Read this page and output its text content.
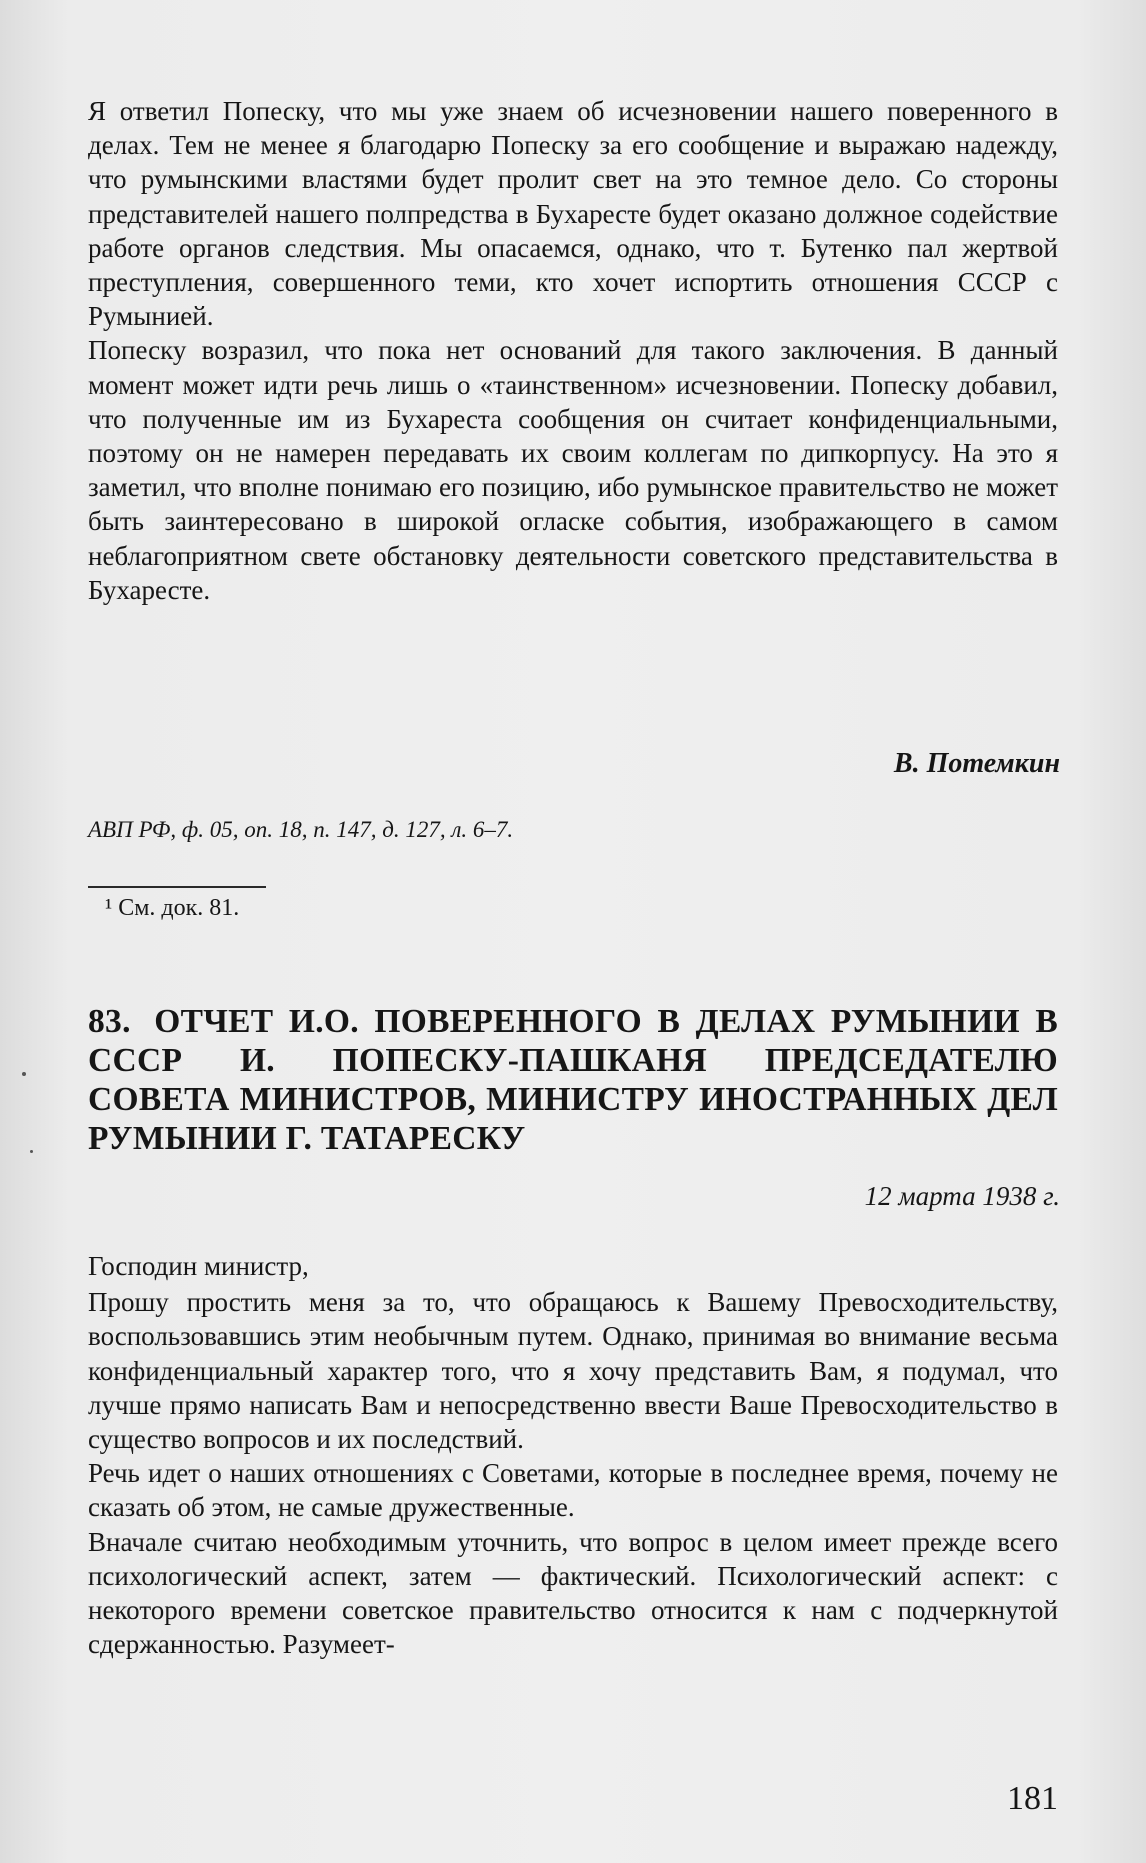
Я ответил Попеску, что мы уже знаем об исчезновении нашего поверенного в делах. Тем не менее я благодарю Попеску за его сообщение и выражаю надежду, что румынскими властями будет пролит свет на это темное дело. Со стороны представителей нашего полпредства в Бухаресте будет оказано должное содействие работе органов следствия. Мы опасаемся, однако, что т. Бутенко пал жертвой преступления, совершенного теми, кто хочет испортить отношения СССР с Румынией.

Попеску возразил, что пока нет оснований для такого заключения. В данный момент может идти речь лишь о «таинственном» исчезновении. Попеску добавил, что полученные им из Бухареста сообщения он считает конфиденциальными, поэтому он не намерен передавать их своим коллегам по дипкорпусу. На это я заметил, что вполне понимаю его позицию, ибо румынское правительство не может быть заинтересовано в широкой огласке события, изображающего в самом неблагоприятном свете обстановку деятельности советского представительства в Бухаресте.

В. Потемкин
АВП РФ, ф. 05, оп. 18, п. 147, д. 127, л. 6–7.
¹ См. док. 81.
83. ОТЧЕТ И.О. ПОВЕРЕННОГО В ДЕЛАХ РУМЫНИИ В СССР И. ПОПЕСКУ-ПАШКАНЯ ПРЕДСЕДАТЕЛЮ СОВЕТА МИНИСТРОВ, МИНИСТРУ ИНОСТРАННЫХ ДЕЛ РУМЫНИИ Г. ТАТАРЕСКУ
12 марта 1938 г.

Господин министр,

Прошу простить меня за то, что обращаюсь к Вашему Превосходительству, воспользовавшись этим необычным путем. Однако, принимая во внимание весьма конфиденциальный характер того, что я хочу представить Вам, я подумал, что лучше прямо написать Вам и непосредственно ввести Ваше Превосходительство в существо вопросов и их последствий.

Речь идет о наших отношениях с Советами, которые в последнее время, почему не сказать об этом, не самые дружественные.

Вначале считаю необходимым уточнить, что вопрос в целом имеет прежде всего психологический аспект, затем — фактический. Психологический аспект: с некоторого времени советское правительство относится к нам с подчеркнутой сдержанностью. Разумеет-

181
